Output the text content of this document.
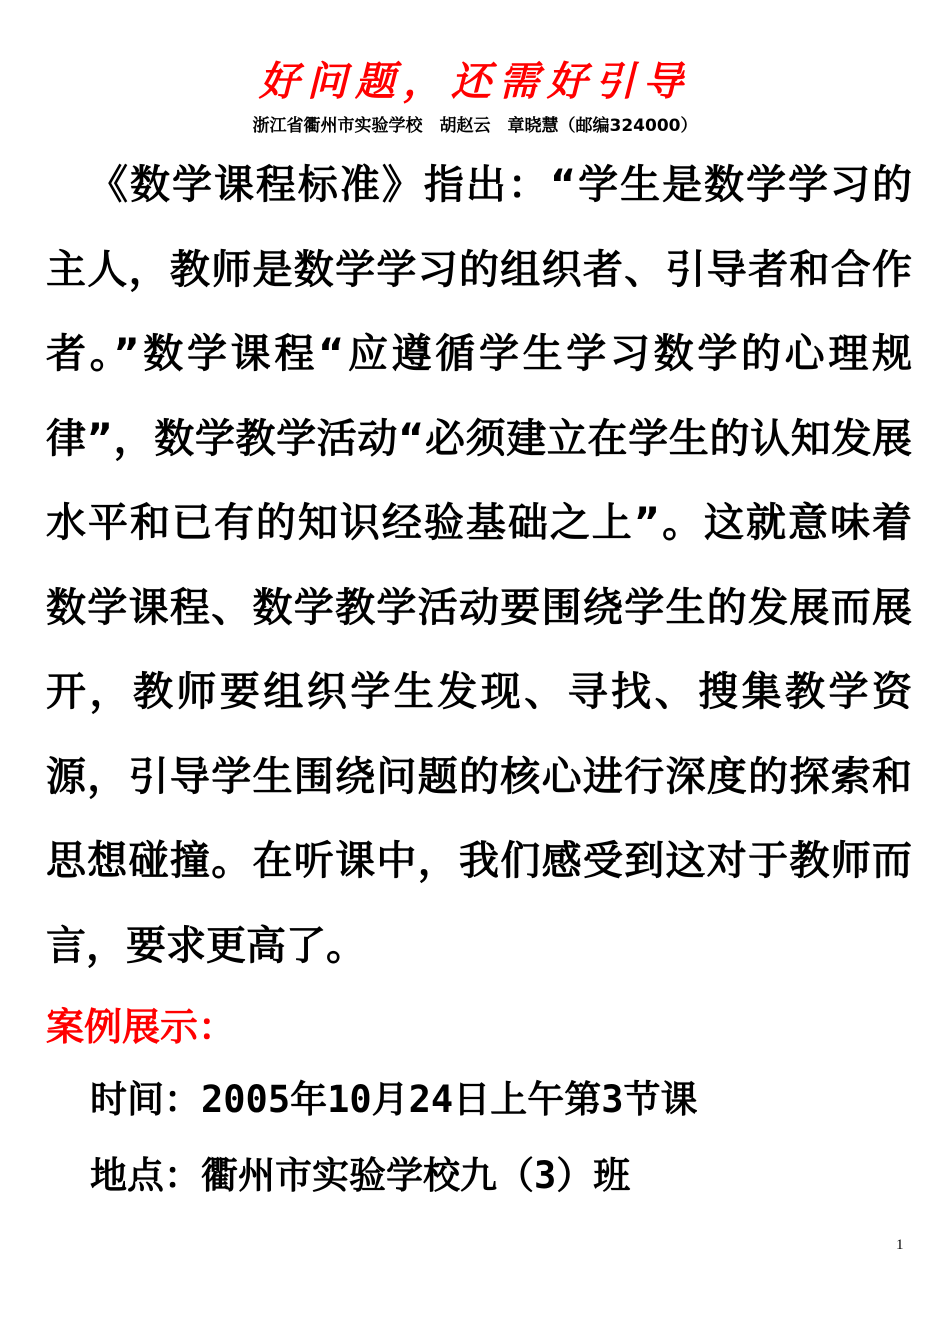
好问题，还需好引导
浙江省衢州市实验学校　胡赵云　章晓慧（邮编324000）
《数学课程标准》指出：“学生是数学学习的主人，教师是数学学习的组织者、引导者和合作者。”数学课程“应遵循学生学习数学的心理规律”，数学教学活动“必须建立在学生的认知发展水平和已有的知识经验基础之上”。这就意味着数学课程、数学教学活动要围绕学生的发展而展开，教师要组织学生发现、寻找、搜集教学资源，引导学生围绕问题的核心进行深度的探索和思想碰撞。在听课中，我们感受到这对于教师而言，要求更高了。
案例展示：
时间：2005年10月24日上午第3节课
地点：衢州市实验学校九（3）班
1
